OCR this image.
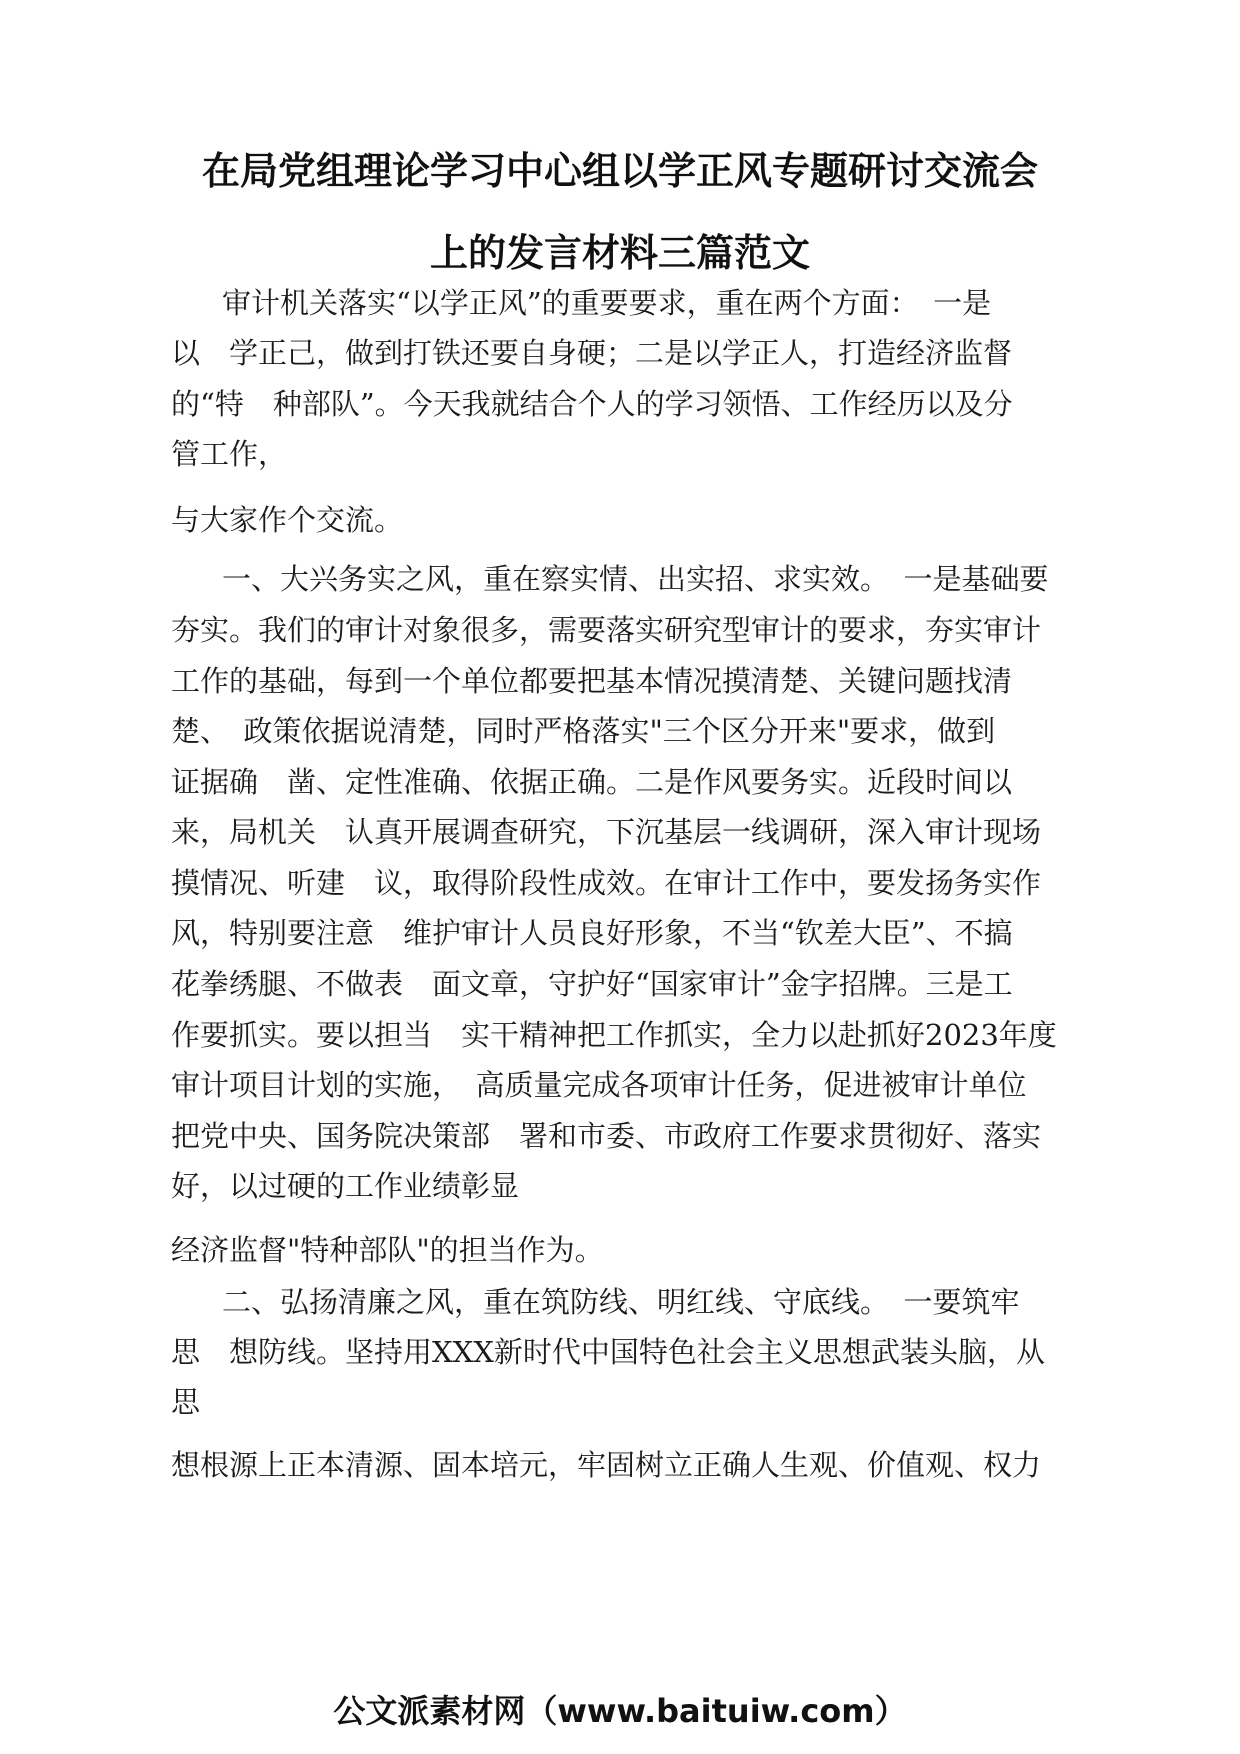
在局党组理论学习中心组以学正风专题研讨交流会
上的发言材料三篇范文
审计机关落实“以学正风”的重要要求，重在两个方面：　一是
以　学正己，做到打铁还要自身硬；二是以学正人，打造经济监督
的“特　种部队”。今天我就结合个人的学习领悟、工作经历以及分
管工作，
与大家作个交流。
一、大兴务实之风，重在察实情、出实招、求实效。　一是基础要
夯实。我们的审计对象很多，需要落实研究型审计的要求，夯实审计
工作的基础，每到一个单位都要把基本情况摸清楚、关键问题找清
楚、　政策依据说清楚，同时严格落实"三个区分开来"要求，做到
证据确　凿、定性准确、依据正确。二是作风要务实。近段时间以
来，局机关　认真开展调查研究，下沉基层一线调研，深入审计现场
摸情况、听建　议，取得阶段性成效。在审计工作中，要发扬务实作
风，特别要注意　维护审计人员良好形象，不当“钦差大臣”、不搞
花拳绣腿、不做表　面文章，守护好“国家审计”金字招牌。三是工
作要抓实。要以担当　实干精神把工作抓实，全力以赴抓好2023年度
审计项目计划的实施，　高质量完成各项审计任务，促进被审计单位
把党中央、国务院决策部　署和市委、市政府工作要求贯彻好、落实
好，以过硬的工作业绩彰显
经济监督"特种部队"的担当作为。
二、弘扬清廉之风，重在筑防线、明红线、守底线。　一要筑牢
思　想防线。坚持用XXX新时代中国特色社会主义思想武装头脑，从
思
想根源上正本清源、固本培元，牢固树立正确人生观、价值观、权力
公文派素材网（www.baituiw.com）
